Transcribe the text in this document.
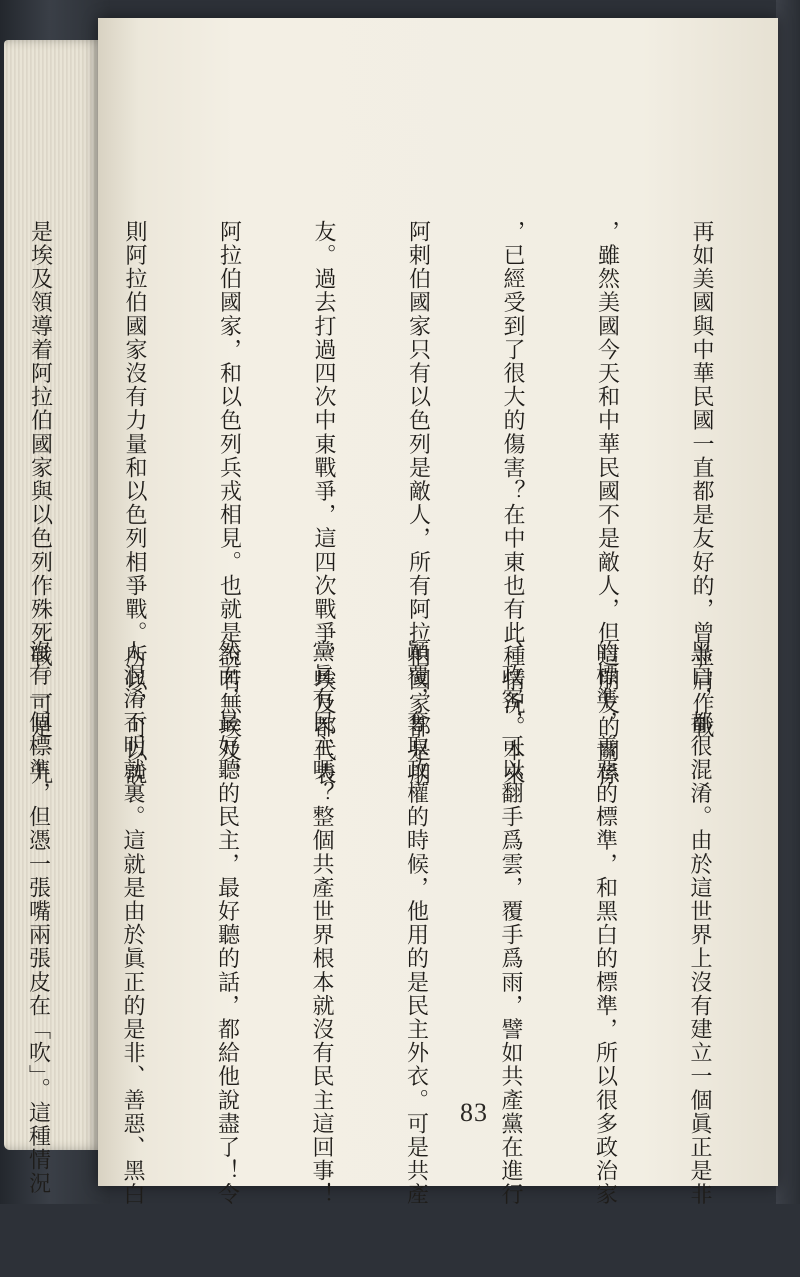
再如美國與中華民國一直都是友好的，曾並肩作戰

，雖然美國今天和中華民國不是敵人，但這朋友的關係

，已經受到了很大的傷害？在中東也有此種情況。本來

阿剌伯國家只有以色列是敵人，所有阿拉伯國家都是朋

友。過去打過四次中東戰爭，這四次戰爭，埃及都代表

阿拉伯國家，和以色列兵戎相見。也就是說若無埃及，

則阿拉伯國家沒有力量和以色列相爭戰。所以，可以說

是埃及領導着阿拉伯國家與以色列作殊死戰。可是一九

黑白，都很混淆。由於這世界上沒有建立一個眞正是非

的標準，善惡的標準，和黑白的標準，所以很多政治家

、政客，可以翻手爲雲，覆手爲雨，譬如共產黨在進行

顚覆，奪取政權的時候，他用的是民主外衣。可是共產

黨眞有民主嗎？整個共產世界根本就沒有民主這回事！

然而，最好聽的民主，最好聽的話，都給他說盡了！令

人混淆不明就裏。這就是由於眞正的是非、善惡、黑白

沒有一個標準，但憑一張嘴兩張皮在「吹」。這種情況

	83
